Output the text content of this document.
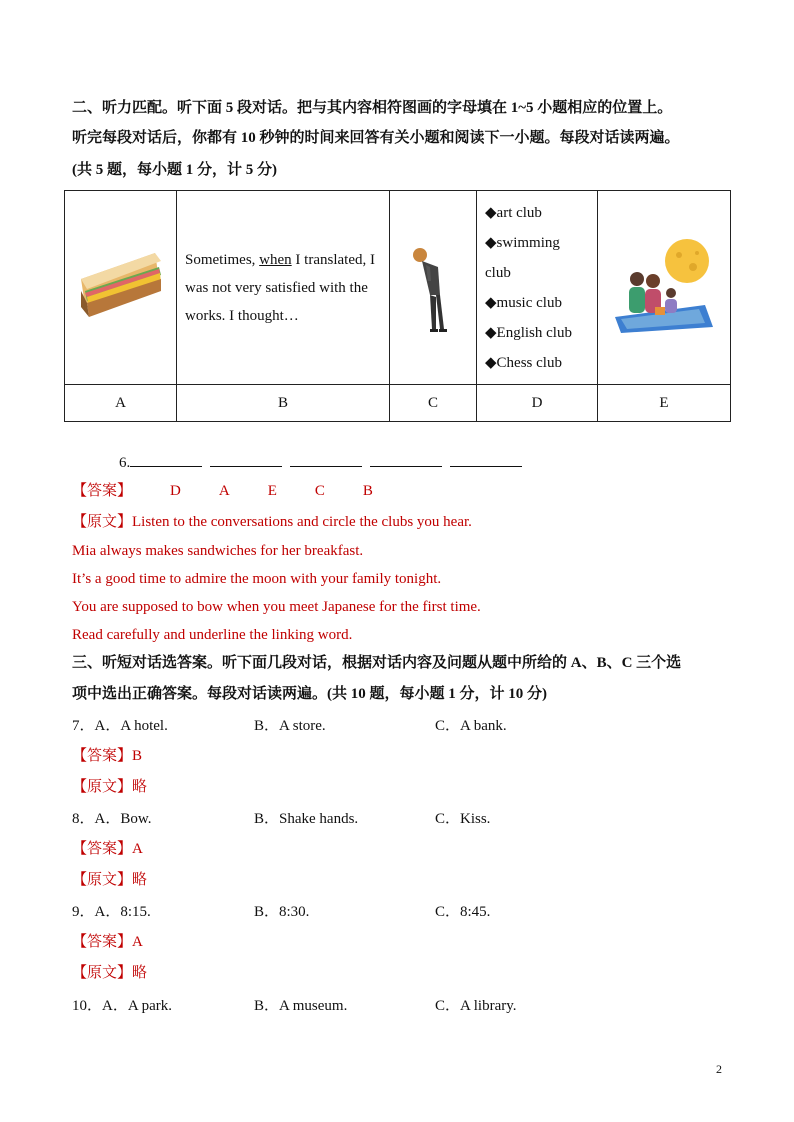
二、听力匹配。听下面 5 段对话。把与其内容相符图画的字母填在 1~5 小题相应的位置上。
听完每段对话后，你都有 10 秒钟的时间来回答有关小题和阅读下一小题。每段对话读两遍。
(共 5 题，每小题 1 分，计 5 分)
	Sometimes, when I translated, I was not very satisfied with the works. I thought…		◆art club
◆swimming club
◆music club
◆English club
◆Chess club

A	B	C	D	E
6.
【答案】	D	A	E	C	B
【原文】Listen to the conversations and circle the clubs you hear.
Mia always makes sandwiches for her breakfast.
It’s a good time to admire the moon with your family tonight.
You are supposed to bow when you meet Japanese for the first time.
Read carefully and underline the linking word.
三、听短对话选答案。听下面几段对话，根据对话内容及问题从题中所给的 A、B、C 三个选
项中选出正确答案。每段对话读两遍。(共 10 题，每小题 1 分，计 10 分)
7．A．A hotel.	B．A store.	C．A bank.
【答案】B
【原文】略
8．A．Bow.	B．Shake hands.	C．Kiss.
【答案】A
【原文】略
9．A．8:15.	B．8:30.	C．8:45.
【答案】A
【原文】略
10．A．A park.	B．A museum.	C．A library.
2
